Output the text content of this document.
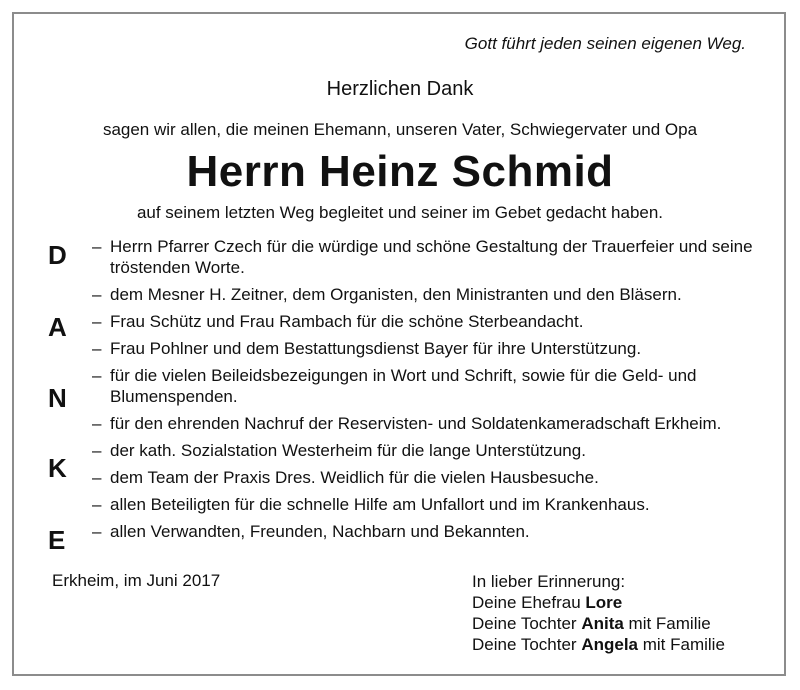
Gott führt jeden seinen eigenen Weg.
Herzlichen Dank
sagen wir allen, die meinen Ehemann, unseren Vater, Schwiegervater und Opa
Herrn Heinz Schmid
auf seinem letzten Weg begleitet und seiner im Gebet gedacht haben.
D
A
N
K
E
– Herrn Pfarrer Czech für die würdige und schöne Gestaltung der Trauerfeier und seine tröstenden Worte.
– dem Mesner H. Zeitner, dem Organisten, den Ministranten und den Bläsern.
– Frau Schütz und Frau Rambach für die schöne Sterbeandacht.
– Frau Pohlner und dem Bestattungsdienst Bayer für ihre Unterstützung.
– für die vielen Beileidsbezeigungen in Wort und Schrift, sowie für die Geld- und Blumenspenden.
– für den ehrenden Nachruf der Reservisten- und Soldatenkameradschaft Erkheim.
– der kath. Sozialstation Westerheim für die lange Unterstützung.
– dem Team der Praxis Dres. Weidlich für die vielen Hausbesuche.
– allen Beteiligten für die schnelle Hilfe am Unfallort und im Krankenhaus.
– allen Verwandten, Freunden, Nachbarn und Bekannten.
Erkheim, im Juni 2017	In lieber Erinnerung:
Deine Ehefrau Lore
Deine Tochter Anita mit Familie
Deine Tochter Angela mit Familie
